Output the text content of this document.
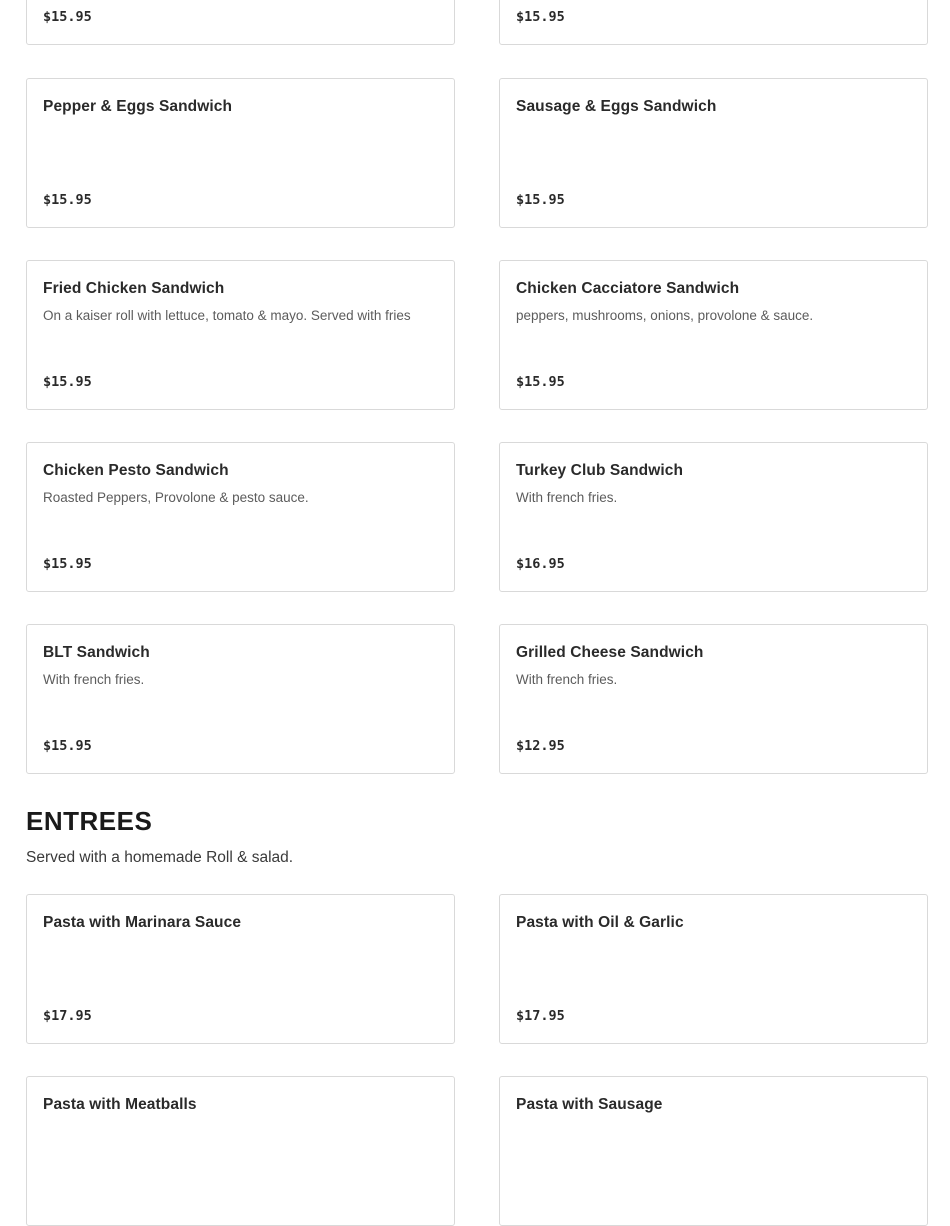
$15.95	$15.95
Pepper & Eggs Sandwich
$15.95
Sausage & Eggs Sandwich
$15.95
Fried Chicken Sandwich
On a kaiser roll with lettuce, tomato & mayo. Served with fries
$15.95
Chicken Cacciatore Sandwich
peppers, mushrooms, onions, provolone & sauce.
$15.95
Chicken Pesto Sandwich
Roasted Peppers, Provolone & pesto sauce.
$15.95
Turkey Club Sandwich
With french fries.
$16.95
BLT Sandwich
With french fries.
$15.95
Grilled Cheese Sandwich
With french fries.
$12.95
ENTREES
Served with a homemade Roll & salad.
Pasta with Marinara Sauce
$17.95
Pasta with Oil & Garlic
$17.95
Pasta with Meatballs	Pasta with Sausage
